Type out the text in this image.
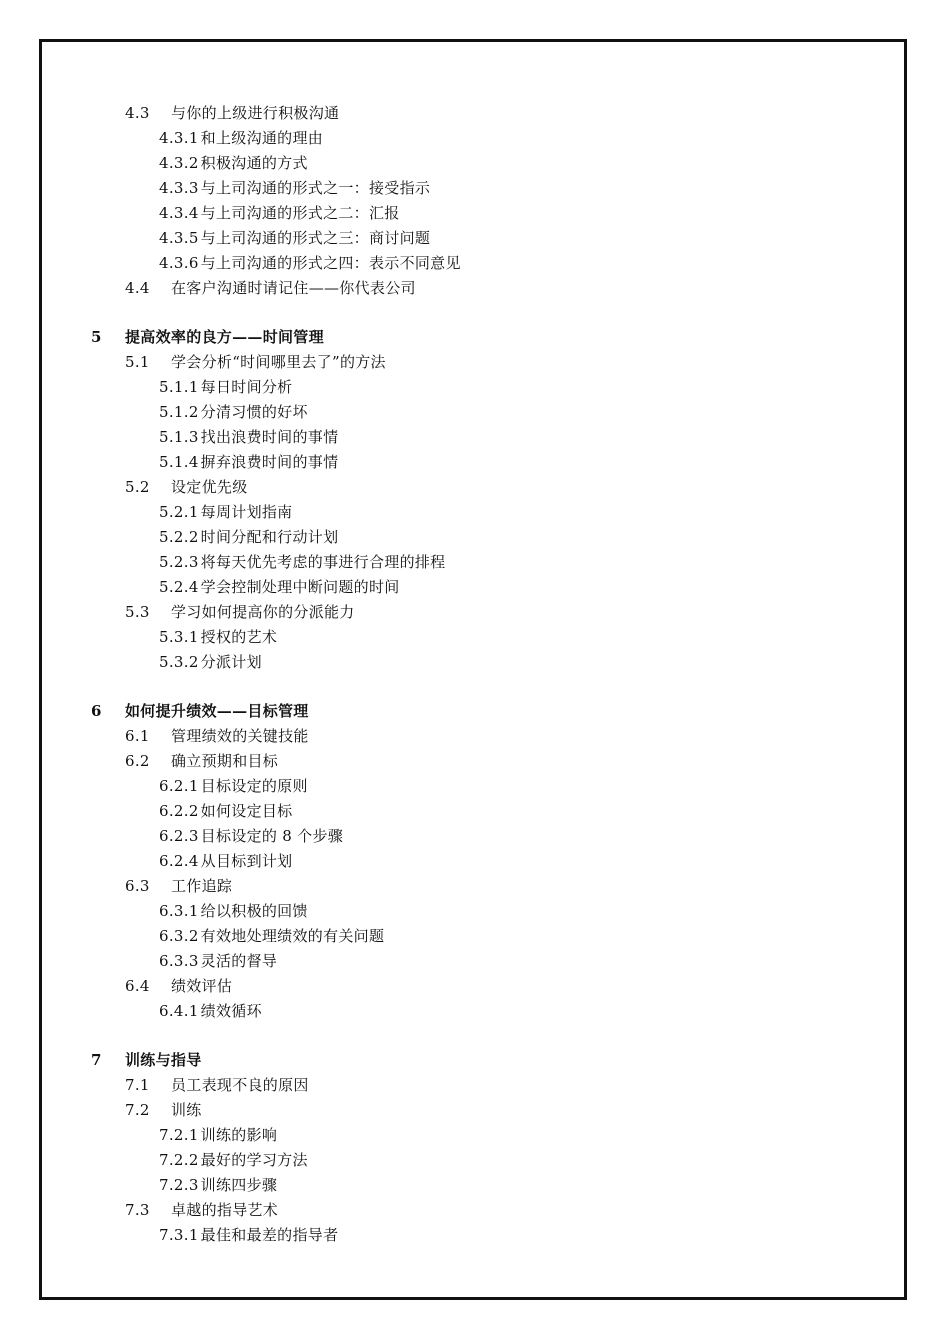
4.3 与你的上级进行积极沟通
4.3.1 和上级沟通的理由
4.3.2 积极沟通的方式
4.3.3 与上司沟通的形式之一：接受指示
4.3.4 与上司沟通的形式之二：汇报
4.3.5 与上司沟通的形式之三：商讨问题
4.3.6 与上司沟通的形式之四：表示不同意见
4.4 在客户沟通时请记住——你代表公司
5 提高效率的良方——时间管理
5.1 学会分析“时间哪里去了”的方法
5.1.1 每日时间分析
5.1.2 分清习惯的好坏
5.1.3 找出浪费时间的事情
5.1.4 摒弃浪费时间的事情
5.2 设定优先级
5.2.1 每周计划指南
5.2.2 时间分配和行动计划
5.2.3 将每天优先考虑的事进行合理的排程
5.2.4 学会控制处理中断问题的时间
5.3 学习如何提高你的分派能力
5.3.1 授权的艺术
5.3.2 分派计划
6 如何提升绩效——目标管理
6.1 管理绩效的关键技能
6.2 确立预期和目标
6.2.1 目标设定的原则
6.2.2 如何设定目标
6.2.3 目标设定的 8 个步骤
6.2.4 从目标到计划
6.3 工作追踪
6.3.1 给以积极的回馈
6.3.2 有效地处理绩效的有关问题
6.3.3 灵活的督导
6.4 绩效评估
6.4.1 绩效循环
7 训练与指导
7.1 员工表现不良的原因
7.2 训练
7.2.1 训练的影响
7.2.2 最好的学习方法
7.2.3 训练四步骤
7.3 卓越的指导艺术
7.3.1 最佳和最差的指导者
